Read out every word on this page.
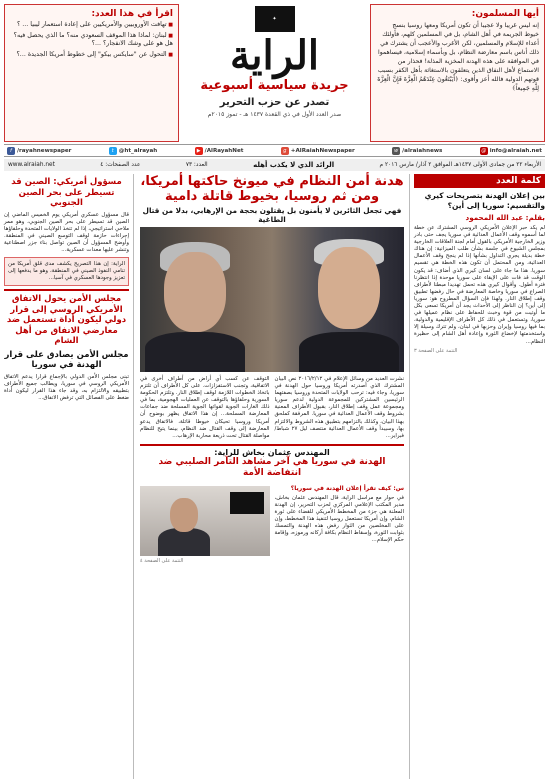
أيها المسلمون:
إنه ليس غريبا ولا عجيبا أن تكون أمريكا ومعها روسيا بنسج خيوط الجريمة في أهل الشام، بل في المسلمين كلهم، فأولئك أعداء للإسلام والمسلمين، لكن الأغرب والأعجب أن يشترك في ذلك أناس باسم معارضة النظام، بل وبأسماء إسلامية، فيساهموا في الموافقة على هذه الهدنة المخزية المذلة! فحذار من الاستماع لأهل النفاق الذين يتعلقون بالاستغاثة بأهل الكفر بسبب قوتهم الدولية فالله أعز وأقوى: ﴿أَيَبْتَغُونَ عِنْدَهُمُ الْعِزَّةَ فَإِنَّ الْعِزَّةَ لِلَّهِ جَمِيعاً﴾
✦
الراية
جريدة سياسية أسبوعية
تصدر عن حزب التحرير
صدر العدد الأول في ذي القعدة ١٤٣٧ هـ - تموز ٢٠١٥م
اقرأ في هذا العدد:
■ تهافت الأوروبيين والأمريكيين على إعادة استعمار ليبيا ... ؟
■ لبنان: لماذا هذا الموقف السعودي منه؟ ما الذي يحصل فيه؟ هل هو على وشك الانفجار؟ ...؟
■ التحول عن "سايكس بيكو" إلى خطوط أمريكا الجديدة ...؟
f /rayahnewspaper	t @ht_alrayah	▶ /AlRayahNet	g +AlRaiahNewspaper	w /alraiahnews	@ info@alraiah.net
الأربعاء ٢٢ من جمادى الأولى ١٤٣٧هـ الموافق ٢ آذار/ مارس ٢٠١٦ م
الرائد الذي لا يكذب أهله
العدد: ٧٣
عدد الصفحات: ٤
www.alraiah.net
كلمة العدد
بين إعلان الهدنة بتصريحات كيري والتقسيم: سوريا إلى أين؟
بقلم: عبد الله المحمود
لم يكد حبر الإعلان الأمريكي الروسي المشترك عن خطة لما أسموه وقف الأعمال العدائية في سوريا يجف حتى بادر وزير الخارجية الأمريكي بالقول أمام لجنة العلاقات الخارجية بمجلس الشيوخ في جلسة بشأن طلب الميزانية: إن هناك خطة بديلة يجري التداول بشأنها إذا لم ينجح وقف الأعمال العدائية، ومن المحتمل أن تكون هذه الخطة هي تقسيم سوريا. هذا ما جاء على لسان كيري الذي أضاف: قد يكون الوقت قد فات على الإبقاء على سوريا موحدة إذا انتظرنا فترة أطول. وأقوال كيري هذه تحمل تهديدا مبطنا لأطراف الصراع في سوريا وخاصة المعارضة في حال رفضها تطبيق وقف إطلاق النار. ولهذا فإن السؤال المطروح هو: سوريا إلى أين؟ إن الناظر إلى الأحداث يجد أن أمريكا تسعى بكل ما أوتيت من قوة وخبث للحفاظ على نظام عميلها في سوريا، وتستعمل في ذلك كل الأطراف الإقليمية والدولية، بما فيها روسيا وإيران وحزبها في لبنان، ولم تترك وسيلة إلا واستخدمتها لإخضاع الثورة وإعادة أهل الشام إلى حظيرة النظام...
التتمة على الصفحة ٣
هدنة أمن النظام في ميونخ حاكتها أمريكا، ومن ثم روسيا، بخيوط قاتلة دامية
فهي تجعل الثائرين لا يأمنون بل يقتلون بحجة من الإرهابي، بدلا من قتال الطاغية
نشرت العديد من وسائل الإعلام في ٢٠١٦/٢/١٢ نص البيان المشترك الذي أصدرته أمريكا وروسيا حول الهدنة في سوريا، وجاء فيه: ترحب الولايات المتحدة وروسيا بصفتهما الرئيسين المشتركين للمجموعة الدولية لدعم سوريا ومجموعة عمل وقف إطلاق النار، بقبول الأطراف المعنية بشروط وقف الأعمال العدائية في سوريا. المرفقة كملحق بهذا البيان، وكذلك بالتزامهم بتطبيق هذه الشروط والالتزام بها، وسيبدأ وقف الأعمال العدائية منتصف ليل ٢٧ شباط/فبراير...
التوقف عن كسب أي أراض من أطراف أخرى في الاتفاقية، وتجنب الاستفزازات. على كل الأطراف أن تلتزم باتخاذ الخطوات اللازمة لوقف إطلاق النار. وتلتزم الحكومة السورية وحلفاؤها بالتوقف عن العمليات الهجومية، بما في ذلك الغارات الجوية لقواتها الجوية المسلحة ضد جماعات المعارضة المسلحة... إن هذا الاتفاق يظهر بوضوح أن أمريكا وروسيا تحيكان خيوطا قاتلة، فالاتفاق يدعو المعارضة إلى وقف القتال ضد النظام، بينما يتيح للنظام مواصلة القتال تحت ذريعة محاربة الإرهاب...
المهندس عثمان بخاش للراية:
الهدنة في سوريا هي آخر مشاهد التآمر الصليبي ضد انتفاضة الأمة
س: كيف تقرأ إعلان الهدنة في سوريا؟
في حوار مع مراسل الراية، قال المهندس عثمان بخاش، مدير المكتب الإعلامي المركزي لحزب التحرير، إن الهدنة المعلنة هي جزء من المخطط الأمريكي للقضاء على ثورة الشام، وإن أمريكا تستعمل روسيا لتنفيذ هذا المخطط، وإن على المخلصين من الثوار رفض هذه الهدنة والتمسك بثوابت الثورة، وإسقاط النظام بكافة أركانه ورموزه، وإقامة حكم الإسلام...
التتمة على الصفحة ٤
مسؤول أمريكي: الصين قد تسيطر على بحر الصين الجنوبي
قال مسؤول عسكري أمريكي يوم الخميس الماضي إن الصين قد تسيطر على بحر الصين الجنوبي، وهو ممر ملاحي استراتيجي، إذا لم تتخذ الولايات المتحدة وحلفاؤها إجراءات حازمة لوقف التوسع الصيني في المنطقة. وأوضح المسؤول أن الصين تواصل بناء جزر اصطناعية وتنشر عليها معدات عسكرية...
الراية: إن هذا التصريح يكشف مدى قلق أمريكا من تنامي النفوذ الصيني في المنطقة، وهو ما يدفعها إلى تعزيز وجودها العسكري في آسيا...
مجلس الأمن يحول الاتفاق الأمريكي الروسي إلى قرار دولي ليكون أداة تستعمل ضد معارضي الاتفاق من أهل الشام
مجلس الأمن يصادق على قرار الهدنة في سوريا
تبنى مجلس الأمن الدولي بالإجماع قرارا يدعم الاتفاق الأمريكي الروسي في سوريا، ويطالب جميع الأطراف بتطبيقه والالتزام به، وقد جاء هذا القرار ليكون أداة ضغط على الفصائل التي ترفض الاتفاق...
